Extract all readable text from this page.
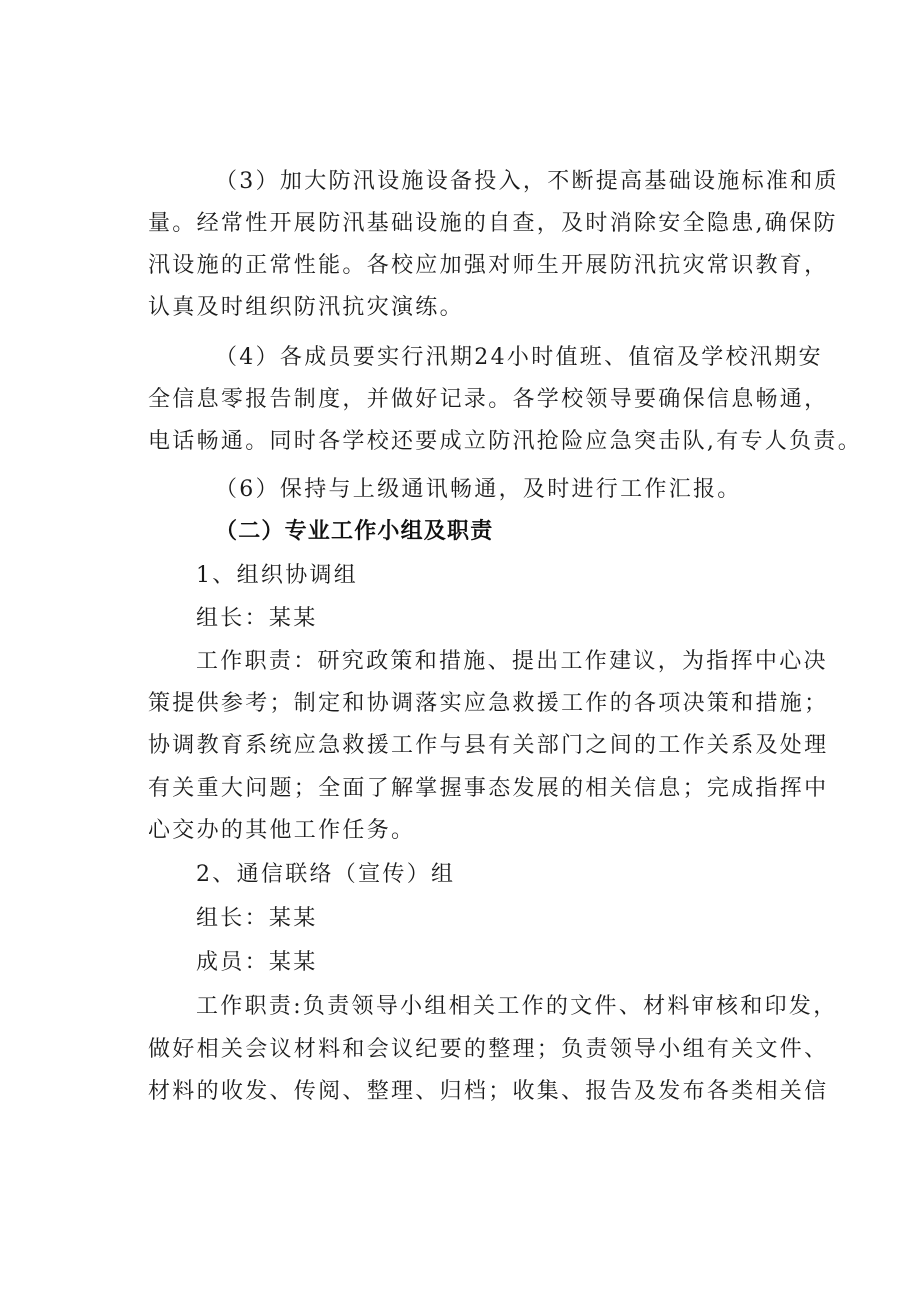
（3）加大防汛设施设备投入，不断提高基础设施标准和质
量。经常性开展防汛基础设施的自查，及时消除安全隐患,确保防
汛设施的正常性能。各校应加强对师生开展防汛抗灾常识教育，
认真及时组织防汛抗灾演练。
（4）各成员要实行汛期24小时值班、值宿及学校汛期安
全信息零报告制度，并做好记录。各学校领导要确保信息畅通，
电话畅通。同时各学校还要成立防汛抢险应急突击队,有专人负责。
（6）保持与上级通讯畅通，及时进行工作汇报。
（二）专业工作小组及职责
1、组织协调组
组长：某某
工作职责：研究政策和措施、提出工作建议，为指挥中心决
策提供参考；制定和协调落实应急救援工作的各项决策和措施；
协调教育系统应急救援工作与县有关部门之间的工作关系及处理
有关重大问题；全面了解掌握事态发展的相关信息；完成指挥中
心交办的其他工作任务。
2、通信联络（宣传）组
组长：某某
成员：某某
工作职责:负责领导小组相关工作的文件、材料审核和印发，
做好相关会议材料和会议纪要的整理；负责领导小组有关文件、
材料的收发、传阅、整理、归档；收集、报告及发布各类相关信
